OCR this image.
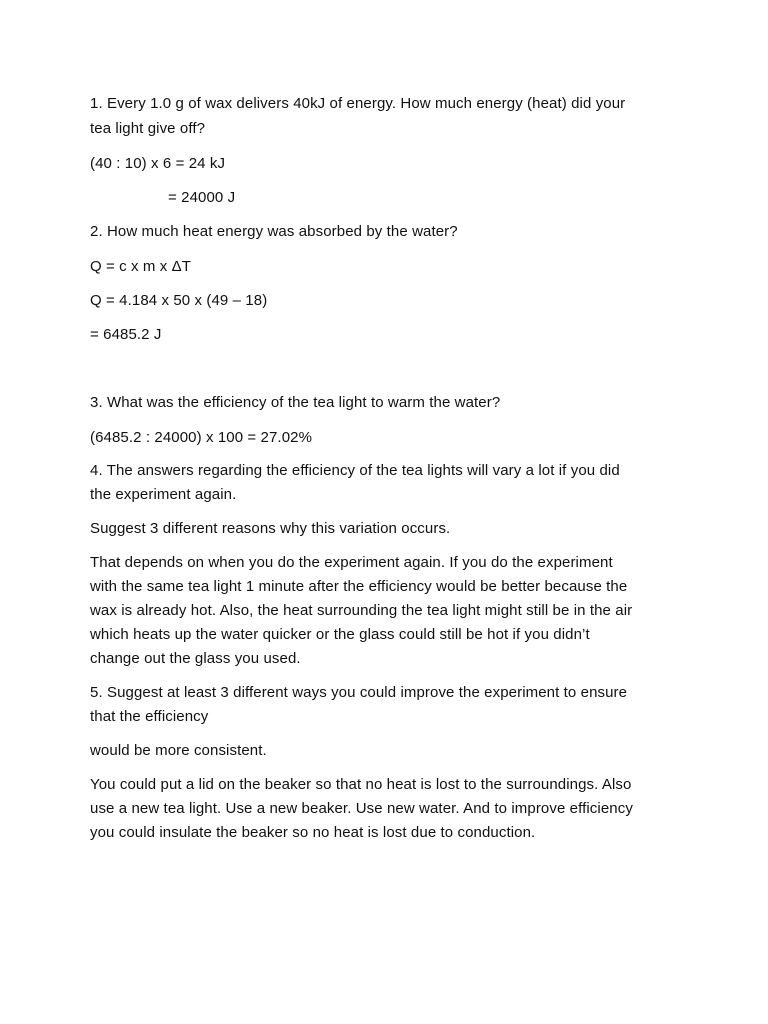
1. Every 1.0 g of wax delivers 40kJ of energy. How much energy (heat) did your
tea light give off?
(40 : 10) x 6 = 24 kJ
= 24000 J
2. How much heat energy was absorbed by the water?
Q = c x m x ΔT
Q = 4.184 x 50 x (49 – 18)
= 6485.2 J
3. What was the efficiency of the tea light to warm the water?
(6485.2 : 24000) x 100 = 27.02%
4. The answers regarding the efficiency of the tea lights will vary a lot if you did
the experiment again.
Suggest 3 different reasons why this variation occurs.
That depends on when you do the experiment again. If you do the experiment
with the same tea light 1 minute after the efficiency would be better because the
wax is already hot. Also, the heat surrounding the tea light might still be in the air
which heats up the water quicker or the glass could still be hot if you didn’t
change out the glass you used.
5. Suggest at least 3 different ways you could improve the experiment to ensure
that the efficiency
would be more consistent.
You could put a lid on the beaker so that no heat is lost to the surroundings. Also
use a new tea light. Use a new beaker. Use new water. And to improve efficiency
you could insulate the beaker so no heat is lost due to conduction.
